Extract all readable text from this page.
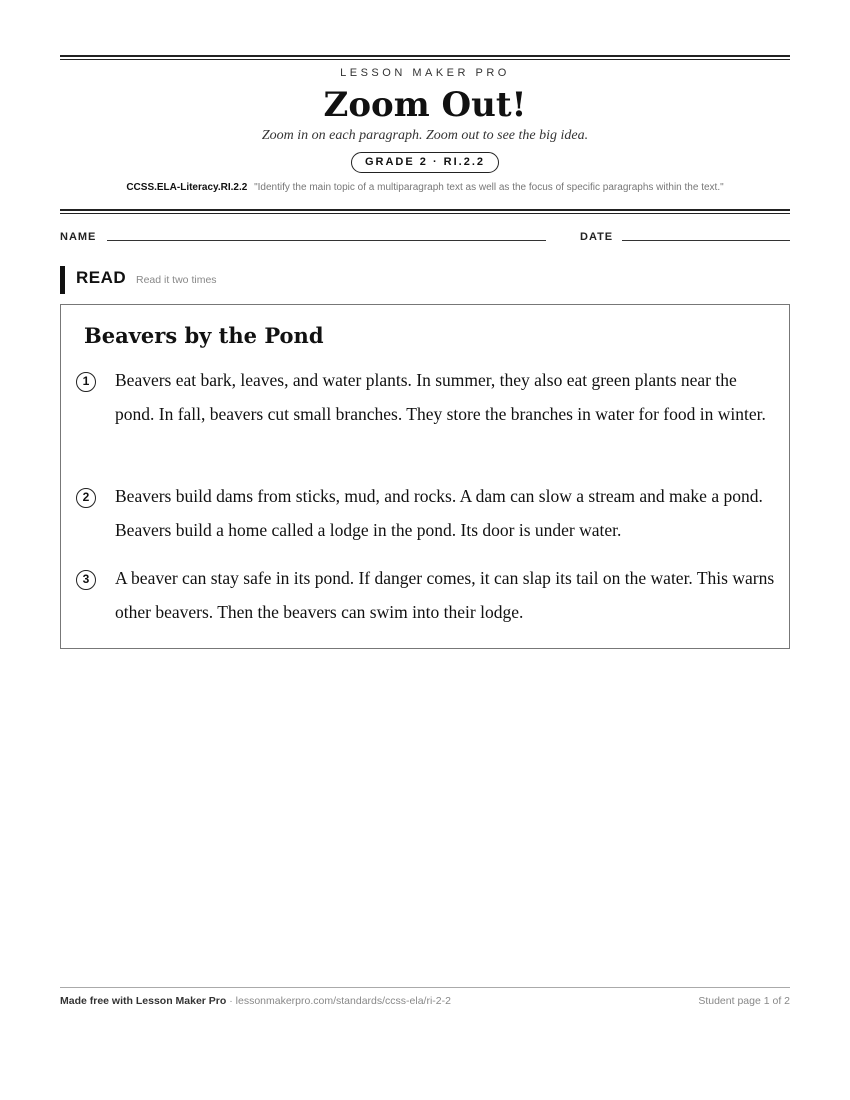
LESSON MAKER PRO
Zoom Out!
Zoom in on each paragraph. Zoom out to see the big idea.
GRADE 2 · RI.2.2
CCSS.ELA-Literacy.RI.2.2 "Identify the main topic of a multiparagraph text as well as the focus of specific paragraphs within the text."
NAME	DATE
READ Read it two times
Beavers by the Pond
1	Beavers eat bark, leaves, and water plants. In summer, they also eat green plants near the pond. In fall, beavers cut small branches. They store the branches in water for food in winter.

2	Beavers build dams from sticks, mud, and rocks. A dam can slow a stream and make a pond. Beavers build a home called a lodge in the pond. Its door is under water.

3	A beaver can stay safe in its pond. If danger comes, it can slap its tail on the water. This warns other beavers. Then the beavers can swim into their lodge.

Made free with Lesson Maker Pro · lessonmakerpro.com/standards/ccss-ela/ri-2-2	Student page 1 of 2
